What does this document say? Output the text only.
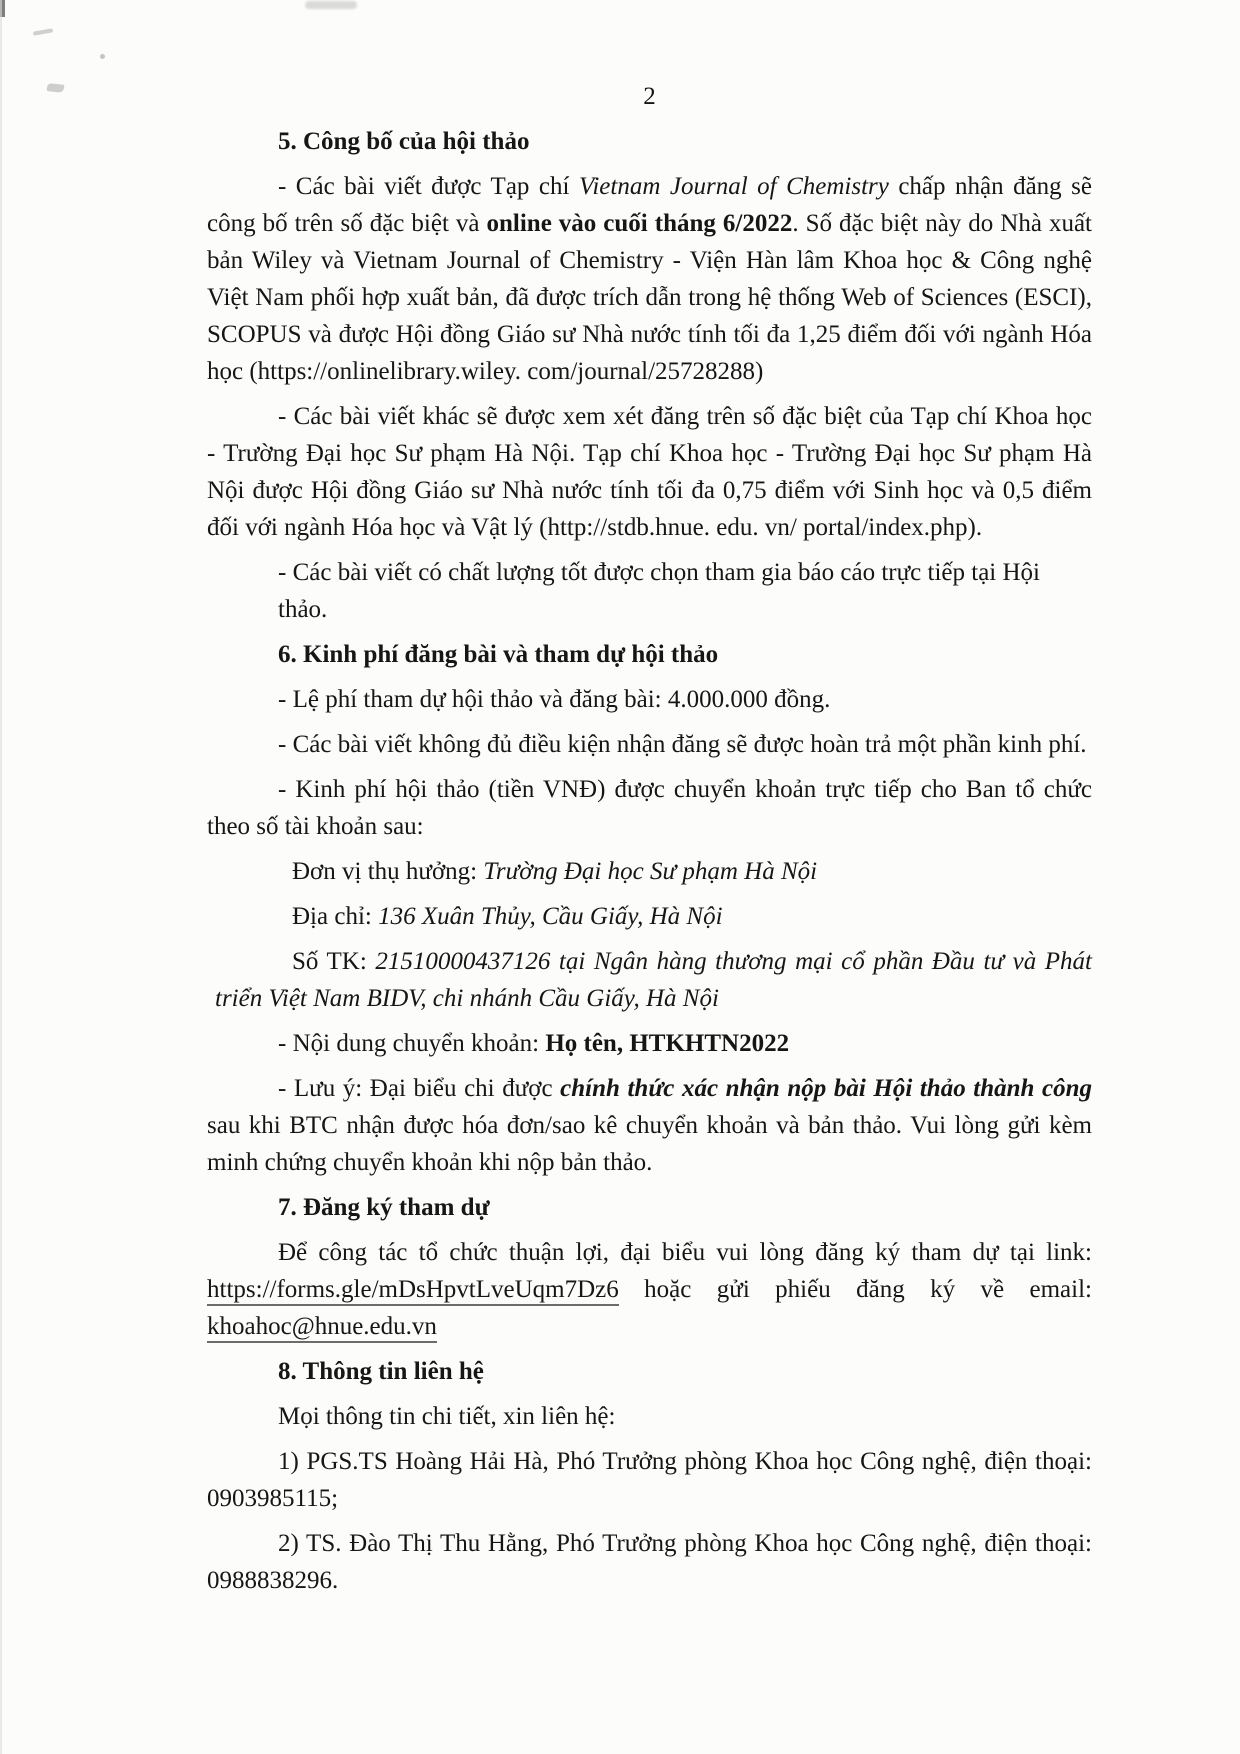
2
5. Công bố của hội thảo
- Các bài viết được Tạp chí Vietnam Journal of Chemistry chấp nhận đăng sẽ
công bố trên số đặc biệt và online vào cuối tháng 6/2022. Số đặc biệt này do Nhà xuất
bản Wiley và Vietnam Journal of Chemistry - Viện Hàn lâm Khoa học & Công nghệ
Việt Nam phối hợp xuất bản, đã được trích dẫn trong hệ thống Web of Sciences (ESCI),
SCOPUS và được Hội đồng Giáo sư Nhà nước tính tối đa 1,25 điểm đối với ngành Hóa
học (https://onlinelibrary.wiley. com/journal/25728288)
- Các bài viết khác sẽ được xem xét đăng trên số đặc biệt của Tạp chí Khoa học
- Trường Đại học Sư phạm Hà Nội. Tạp chí Khoa học - Trường Đại học Sư phạm Hà
Nội được Hội đồng Giáo sư Nhà nước tính tối đa 0,75 điểm với Sinh học và 0,5 điểm
đối với ngành Hóa học và Vật lý (http://stdb.hnue. edu. vn/ portal/index.php).
- Các bài viết có chất lượng tốt được chọn tham gia báo cáo trực tiếp tại Hội thảo.
6. Kinh phí đăng bài và tham dự hội thảo
- Lệ phí tham dự hội thảo và đăng bài: 4.000.000 đồng.
- Các bài viết không đủ điều kiện nhận đăng sẽ được hoàn trả một phần kinh phí.
- Kinh phí hội thảo (tiền VNĐ) được chuyển khoản trực tiếp cho Ban tổ chức
theo số tài khoản sau:
Đơn vị thụ hưởng: Trường Đại học Sư phạm Hà Nội
Địa chỉ: 136 Xuân Thủy, Cầu Giấy, Hà Nội
Số TK: 21510000437126 tại Ngân hàng thương mại cổ phần Đầu tư và Phát
triển Việt Nam BIDV, chi nhánh Cầu Giấy, Hà Nội
- Nội dung chuyển khoản: Họ tên, HTKHTN2022
- Lưu ý: Đại biểu chi được chính thức xác nhận nộp bài Hội thảo thành công
sau khi BTC nhận được hóa đơn/sao kê chuyển khoản và bản thảo. Vui lòng gửi kèm
minh chứng chuyển khoản khi nộp bản thảo.
7. Đăng ký tham dự
Để công tác tổ chức thuận lợi, đại biểu vui lòng đăng ký tham dự tại link:
https://forms.gle/mDsHpvtLveUqm7Dz6 hoặc gửi phiếu đăng ký về email:
khoahoc@hnue.edu.vn
8. Thông tin liên hệ
Mọi thông tin chi tiết, xin liên hệ:
1) PGS.TS Hoàng Hải Hà, Phó Trưởng phòng Khoa học Công nghệ, điện thoại:
0903985115;
2) TS. Đào Thị Thu Hằng, Phó Trưởng phòng Khoa học Công nghệ, điện thoại:
0988838296.
